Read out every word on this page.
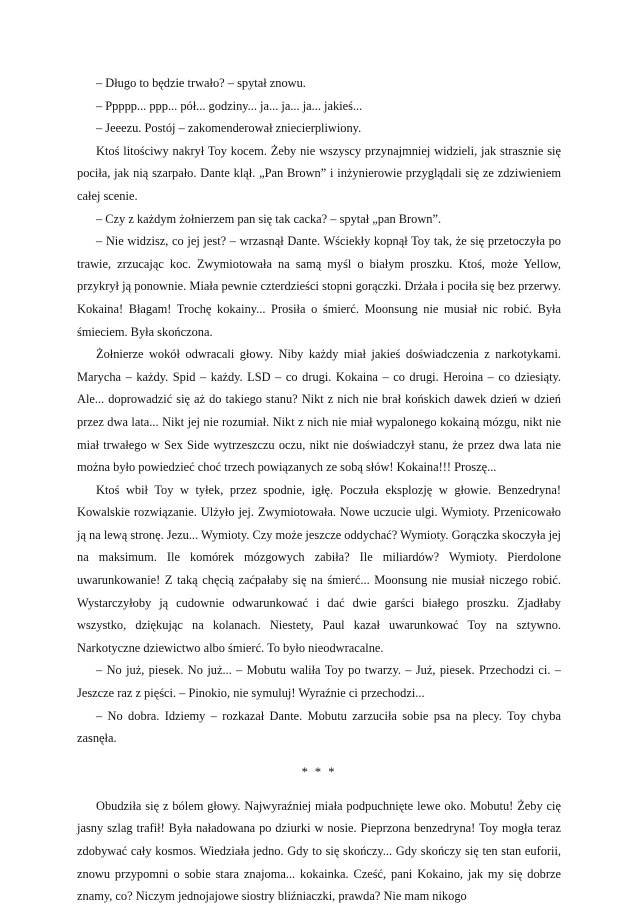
– Długo to będzie trwało? – spytał znowu.

– Ppppp... ppp... pół... godziny... ja... ja... ja... jakieś...

– Jeeezu. Postój – zakomenderował zniecierpliwiony.

Ktoś litościwy nakrył Toy kocem. Żeby nie wszyscy przynajmniej widzieli, jak strasznie się pociła, jak nią szarpało. Dante klął. „Pan Brown” i inżynierowie przyglądali się ze zdziwieniem całej scenie.

– Czy z każdym żołnierzem pan się tak cacka? – spytał „pan Brown”.

– Nie widzisz, co jej jest? – wrzasnął Dante. Wściekły kopnął Toy tak, że się przetoczyła po trawie, zrzucając koc. Zwymiotowała na samą myśl o białym proszku. Ktoś, może Yellow, przykrył ją ponownie. Miała pewnie czterdzieści stopni gorączki. Drżała i pociła się bez przerwy. Kokaina! Błagam! Trochę kokainy... Prosiła o śmierć. Moonsung nie musiał nic robić. Była śmieciem. Była skończona.

Żołnierze wokół odwracali głowy. Niby każdy miał jakieś doświadczenia z narkotykami. Marycha – każdy. Spid – każdy. LSD – co drugi. Kokaina – co drugi. Heroina – co dziesiąty. Ale... doprowadzić się aż do takiego stanu? Nikt z nich nie brał końskich dawek dzień w dzień przez dwa lata... Nikt jej nie rozumiał. Nikt z nich nie miał wypalonego kokainą mózgu, nikt nie miał trwałego w Sex Side wytrzeszczu oczu, nikt nie doświadczył stanu, że przez dwa lata nie można było powiedzieć choć trzech powiązanych ze sobą słów! Kokaina!!! Proszę...

Ktoś wbił Toy w tyłek, przez spodnie, igłę. Poczuła eksplozję w głowie. Benzedryna! Kowalskie rozwiązanie. Ulżyło jej. Zwymiotowała. Nowe uczucie ulgi. Wymioty. Przenicowało ją na lewą stronę. Jezu... Wymioty. Czy może jeszcze oddychać? Wymioty. Gorączka skoczyła jej na maksimum. Ile komórek mózgowych zabiła? Ile miliardów? Wymioty. Pierdolone uwarunkowanie! Z taką chęcią zaćpałaby się na śmierć... Moonsung nie musiał niczego robić. Wystarczyłoby ją cudownie odwarunkować i dać dwie garści białego proszku. Zjadłaby wszystko, dziękując na kolanach. Niestety, Paul kazał uwarunkować Toy na sztywno. Narkotyczne dziewictwo albo śmierć. To było nieodwracalne.

– No już, piesek. No już... – Mobutu waliła Toy po twarzy. – Już, piesek. Przechodzi ci. – Jeszcze raz z pięści. – Pinokio, nie symuluj! Wyraźnie ci przechodzi...

– No dobra. Idziemy – rozkazał Dante. Mobutu zarzuciła sobie psa na plecy. Toy chyba zasnęła.

* * *

Obudziła się z bólem głowy. Najwyraźniej miała podpuchnięte lewe oko. Mobutu! Żeby cię jasny szlag trafił! Była naładowana po dziurki w nosie. Pieprzona benzedryna! Toy mogła teraz zdobywać cały kosmos. Wiedziała jedno. Gdy to się skończy... Gdy skończy się ten stan euforii, znowu przypomni o sobie stara znajoma... kokainka. Cześć, pani Kokaino, jak my się dobrze znamy, co? Niczym jednojajowe siostry bliźniaczki, prawda? Nie mam nikogo
